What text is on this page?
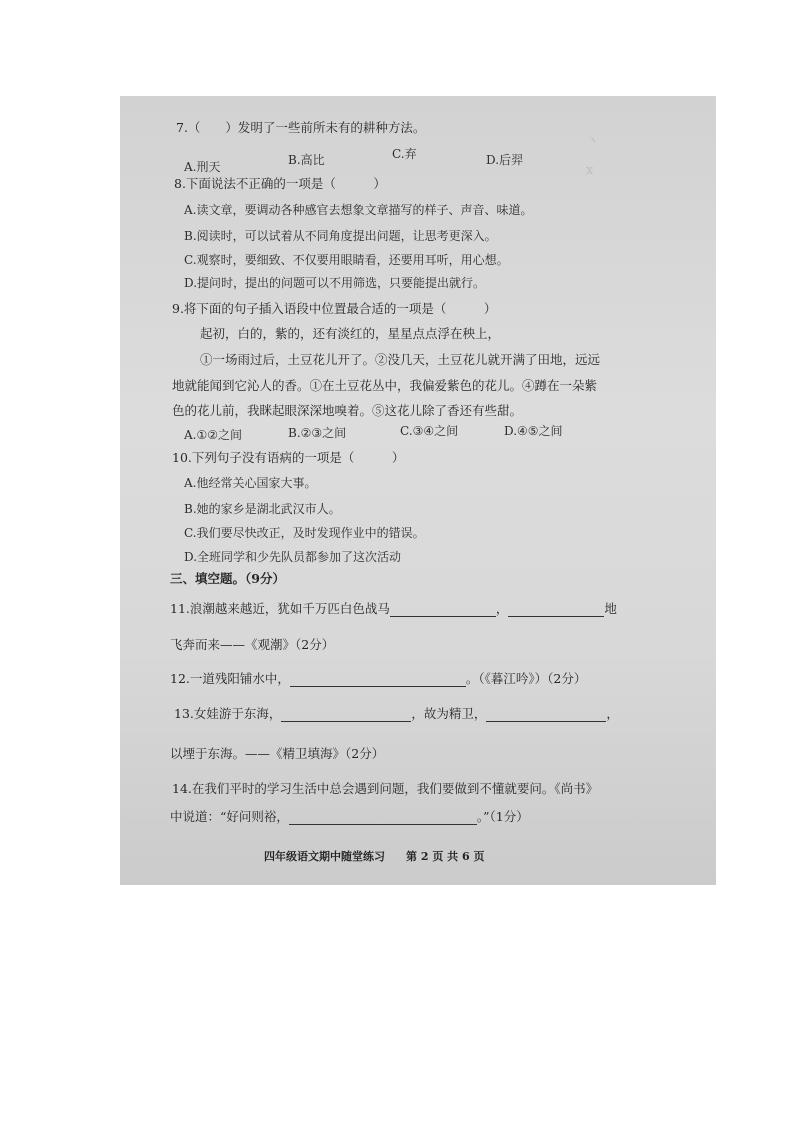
ヽ　　　　　　　
ⅹ　　　　　　　

7.（　　）发明了一些前所未有的耕种方法。
A.刑天	B.高比	C.弃	D.后羿
8.下面说法不正确的一项是（　　　）
A.读文章，要调动各种感官去想象文章描写的样子、声音、味道。
B.阅读时，可以试着从不同角度提出问题，让思考更深入。
C.观察时，要细致、不仅要用眼睛看，还要用耳听，用心想。
D.提问时，提出的问题可以不用筛选，只要能提出就行。
9.将下面的句子插入语段中位置最合适的一项是（　　　）
起初，白的，紫的，还有淡红的，星星点点浮在秧上，
①一场雨过后，土豆花儿开了。②没几天，土豆花儿就开满了田地，远远
地就能闻到它沁人的香。①在土豆花丛中，我偏爱紫色的花儿。④蹲在一朵紫
色的花儿前，我眯起眼深深地嗅着。⑤这花儿除了香还有些甜。
A.①②之间	B.②③之间	C.③④之间	D.④⑤之间
10.下列句子没有语病的一项是（　　　）
A.他经常关心国家大事。
B.她的家乡是湖北武汉市人。
C.我们要尽快改正，及时发现作业中的错误。
D.全班同学和少先队员都参加了这次活动
三、填空题。（9分）
11.浪潮越来越近，犹如千万匹白色战马	，	地
飞奔而来——《观潮》（2分）
12.一道残阳铺水中，	。（《暮江吟》）（2分）
13.女娃游于东海，	，故为精卫，	，
以堙于东海。——《精卫填海》（2分）
14.在我们平时的学习生活中总会遇到问题，我们要做到不懂就要问。《尚书》
中说道：“好问则裕，	。”（1分）
四年级语文期中随堂练习 第 2 页 共 6 页
